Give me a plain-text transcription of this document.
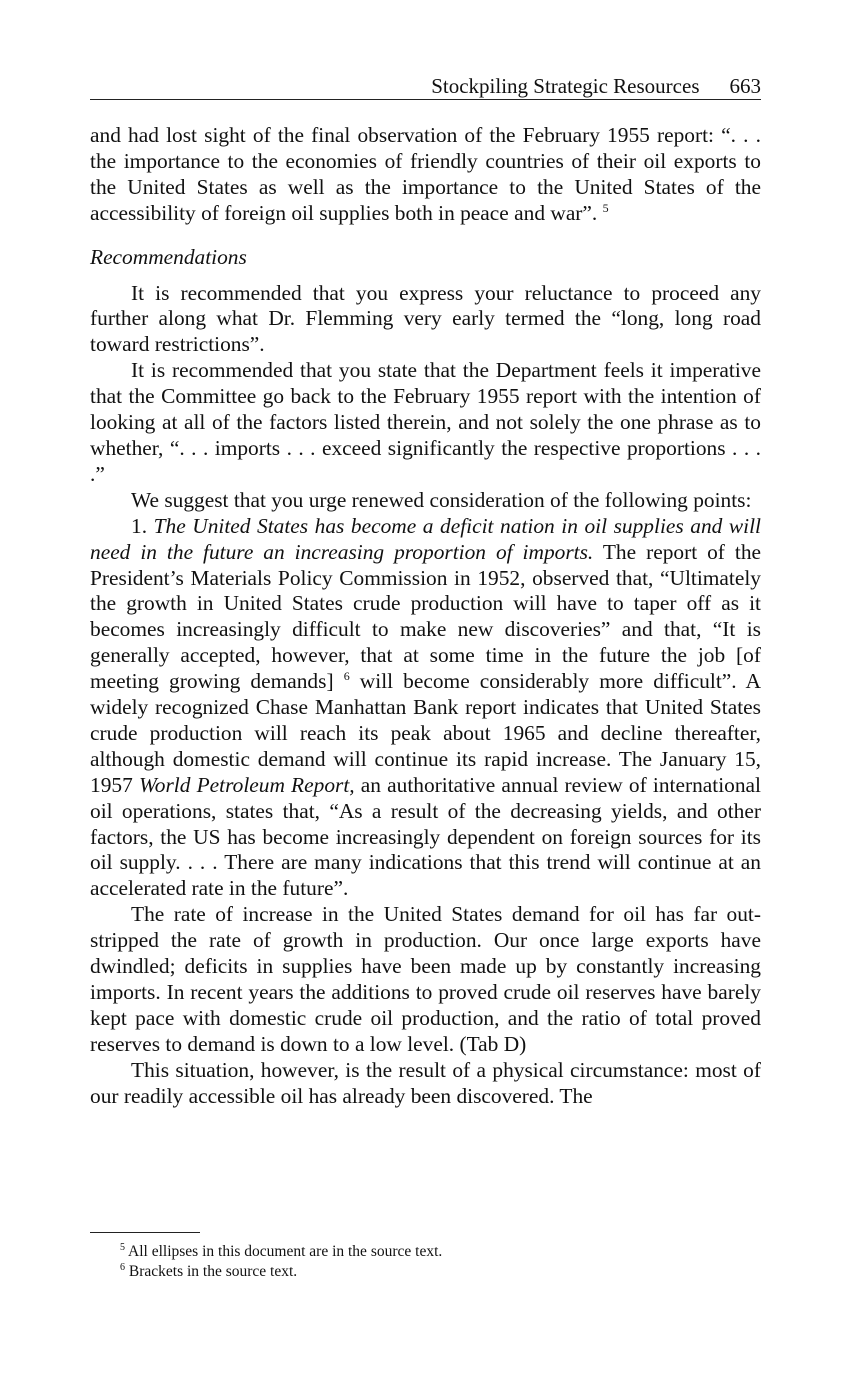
Stockpiling Strategic Resources 663

and had lost sight of the final observation of the February 1955 report: “. . . the importance to the economies of friendly countries of their oil exports to the United States as well as the importance to the United States of the accessibility of foreign oil supplies both in peace and war”. $^5$

Recommendations

It is recommended that you express your reluctance to proceed any further along what Dr. Flemming very early termed the “long, long road toward restrictions”.

It is recommended that you state that the Department feels it imperative that the Committee go back to the February 1955 report with the intention of looking at all of the factors listed therein, and not solely the one phrase as to whether, “. . . imports . . . exceed significantly the respective proportions . . . .”

We suggest that you urge renewed consideration of the following points:

1. The United States has become a deficit nation in oil supplies and will need in the future an increasing proportion of imports. The report of the President’s Materials Policy Commission in 1952, observed that, “Ultimately the growth in United States crude production will have to taper off as it becomes increasingly difficult to make new discoveries” and that, “It is generally accepted, however, that at some time in the future the job [of meeting growing demands] $^6$ will become considerably more difficult”. A widely recognized Chase Manhattan Bank report indicates that United States crude production will reach its peak about 1965 and decline thereafter, although domestic demand will continue its rapid increase. The January 15, 1957 World Petroleum Report, an authoritative annual review of international oil operations, states that, “As a result of the decreasing yields, and other factors, the US has become increasingly dependent on foreign sources for its oil supply. . . . There are many indications that this trend will continue at an accelerated rate in the future”.

The rate of increase in the United States demand for oil has far out-stripped the rate of growth in production. Our once large exports have dwindled; deficits in supplies have been made up by constantly increasing imports. In recent years the additions to proved crude oil reserves have barely kept pace with domestic crude oil production, and the ratio of total proved reserves to demand is down to a low level. (Tab D)

This situation, however, is the result of a physical circumstance: most of our readily accessible oil has already been discovered. The

$^5$ All ellipses in this document are in the source text.

$^6$ Brackets in the source text.
